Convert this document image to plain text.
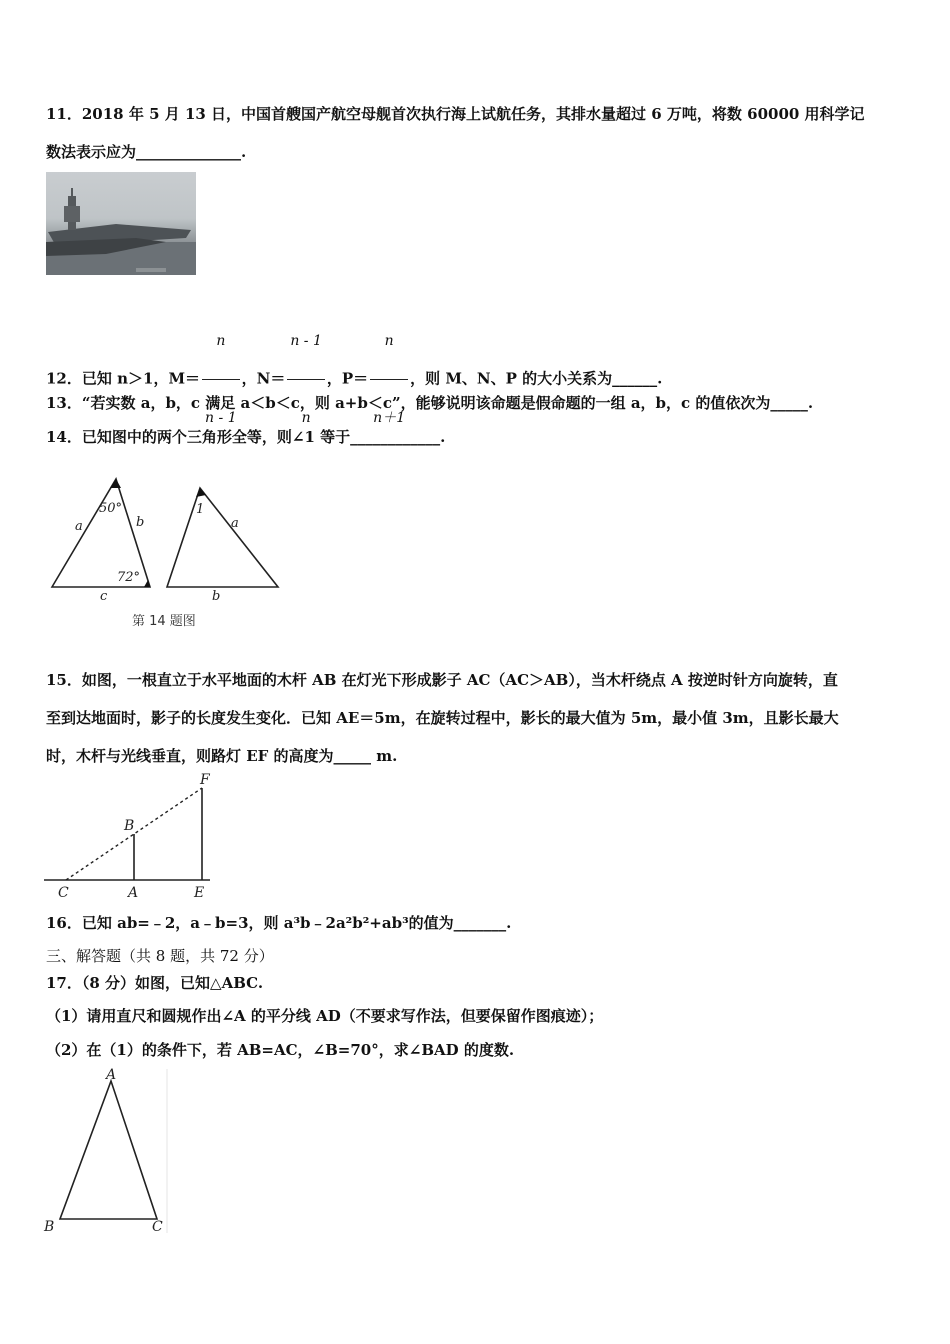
11．2018 年 5 月 13 日，中国首艘国产航空母舰首次执行海上试航任务，其排水量超过 6 万吨，将数 60000 用科学记
数法表示应为______________.
12．已知 n＞1，$M= \frac{n}{n - 1}$ ，$N= \frac{n - 1}{n}$ ，$P= \frac{n}{n+1}$ ，则 M、N、P 的大小关系为______.
13．“若实数 a，b，c 满足 a＜b＜c，则 a+b＜c”，能够说明该命题是假命题的一组 a，b，c 的值依次为_____.
14．已知图中的两个三角形全等，则∠1 等于____________.
50°
72°
a	b
c
1
a
b
第 14 题图
15．如图，一根直立于水平地面的木杆 AB 在灯光下形成影子 AC（AC＞AB），当木杆绕点 A 按逆时针方向旋转，直
至到达地面时，影子的长度发生变化．已知 AE＝5m，在旋转过程中，影长的最大值为 5m，最小值 3m，且影长最大
时，木杆与光线垂直，则路灯 EF 的高度为_____ m.
B
F
C	A	E
16．已知 ab=﹣2，a﹣b=3，则 a³b﹣2a²b²+ab³的值为_______.
三、解答题（共 8 题，共 72 分）
17．（8 分）如图，已知△ABC.
（1）请用直尺和圆规作出∠A 的平分线 AD（不要求写作法，但要保留作图痕迹）；
（2）在（1）的条件下，若 AB=AC，∠B=70°，求∠BAD 的度数.
A
B	C
